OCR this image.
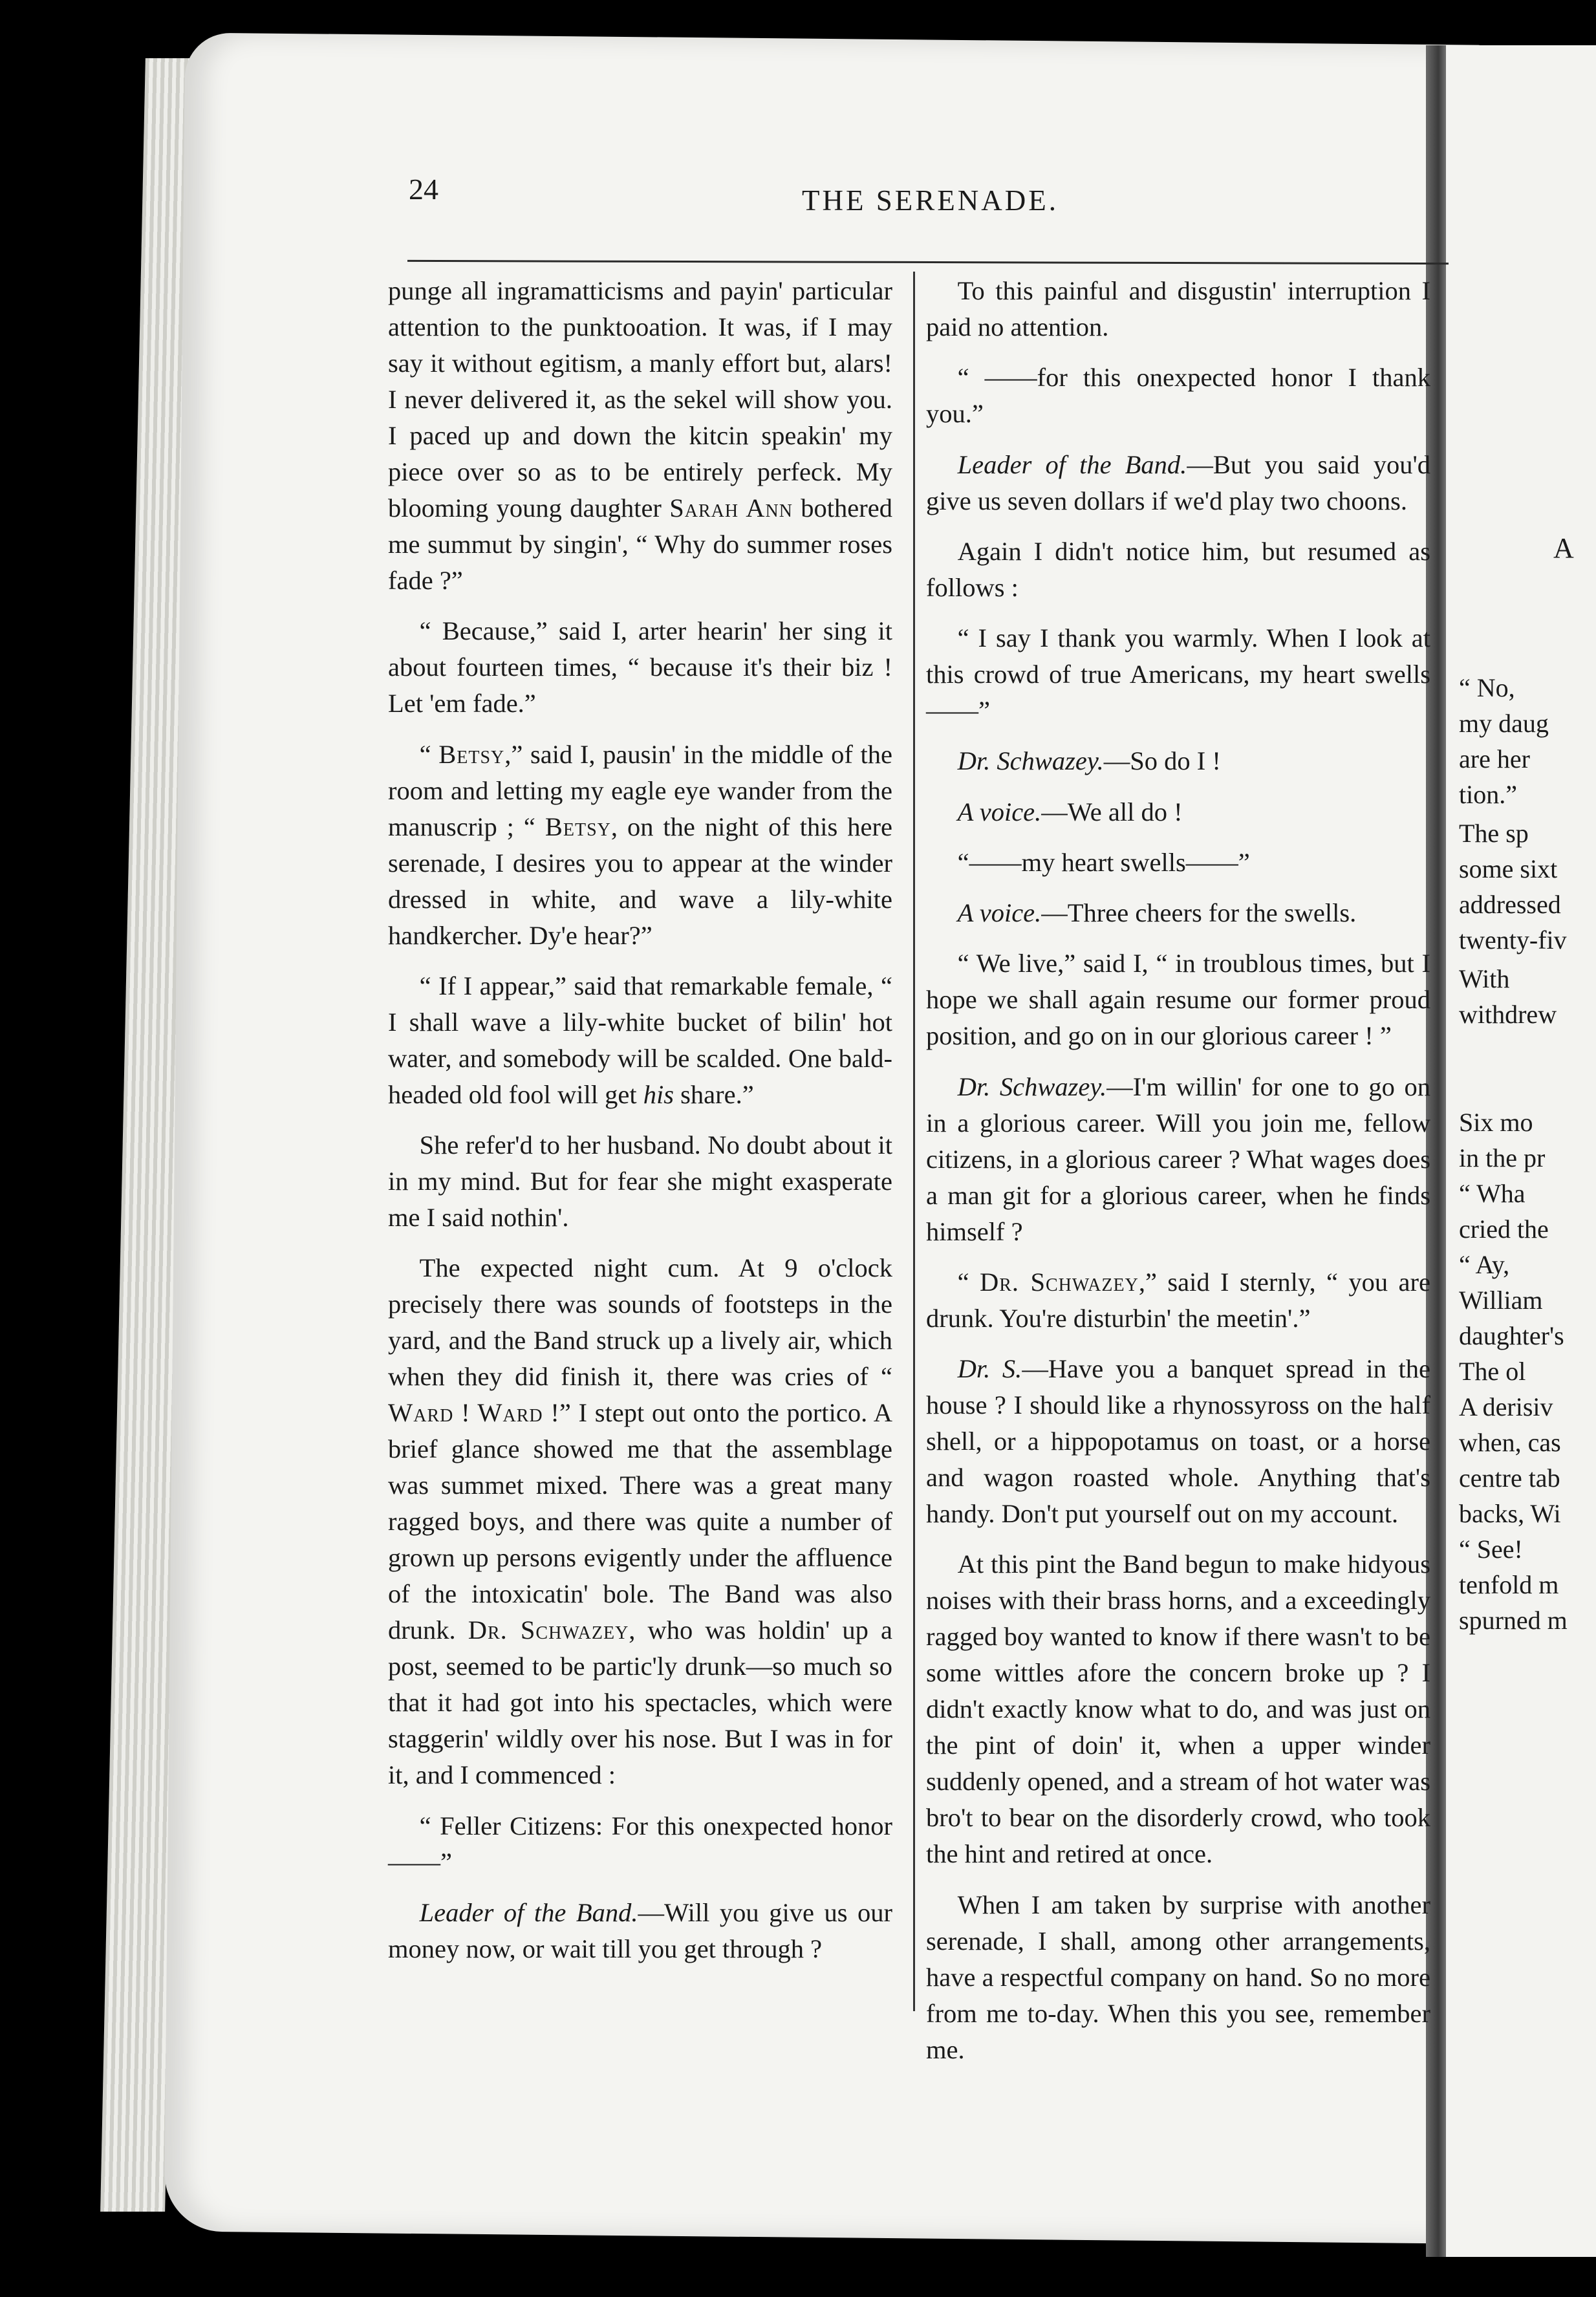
A
“ No,
my daug
are her
tion.”
The sp
some sixt
addressed
twenty-fiv
With
withdrew
Six mo
in the pr
“ Wha
cried the
“ Ay,
William
daughter's
The ol
A derisiv
when, cas
centre tab
backs, Wi
“ See!
tenfold m
spurned m
24	THE SERENADE.

punge all ingramatticisms and payin' particular attention to the punktooation. It was, if I may say it without egitism, a manly effort but, alars! I never delivered it, as the sekel will show you. I paced up and down the kitcin speakin' my piece over so as to be entirely perfeck. My blooming young daughter Sarah Ann bothered me summut by singin', “ Why do summer roses fade ?”

“ Because,” said I, arter hearin' her sing it about fourteen times, “ because it's their biz ! Let 'em fade.”

“ Betsy,” said I, pausin' in the middle of the room and letting my eagle eye wander from the manuscrip ; “ Betsy, on the night of this here serenade, I desires you to appear at the winder dressed in white, and wave a lily-white handkercher. Dy'e hear?”

“ If I appear,” said that remarkable female, “ I shall wave a lily-white bucket of bilin' hot water, and somebody will be scalded. One bald-headed old fool will get his share.”

She refer'd to her husband. No doubt about it in my mind. But for fear she might exasperate me I said nothin'.

The expected night cum. At 9 o'clock precisely there was sounds of footsteps in the yard, and the Band struck up a lively air, which when they did finish it, there was cries of “ Ward ! Ward !” I stept out onto the portico. A brief glance showed me that the assemblage was summet mixed. There was a great many ragged boys, and there was quite a number of grown up persons evigently under the affluence of the intoxicatin' bole. The Band was also drunk. Dr. Schwazey, who was holdin' up a post, seemed to be partic'ly drunk—so much so that it had got into his spectacles, which were staggerin' wildly over his nose. But I was in for it, and I commenced :

“ Feller Citizens: For this onexpected honor——”

Leader of the Band.—Will you give us our money now, or wait till you get through ?

To this painful and disgustin' interruption I paid no attention.

“ ——for this onexpected honor I thank you.”

Leader of the Band.—But you said you'd give us seven dollars if we'd play two choons.

Again I didn't notice him, but resumed as follows :

“ I say I thank you warmly. When I look at this crowd of true Americans, my heart swells——”

Dr. Schwazey.—So do I !

A voice.—We all do !

“——my heart swells——”

A voice.—Three cheers for the swells.

“ We live,” said I, “ in troublous times, but I hope we shall again resume our former proud position, and go on in our glorious career ! ”

Dr. Schwazey.—I'm willin' for one to go on in a glorious career. Will you join me, fellow citizens, in a glorious career ? What wages does a man git for a glorious career, when he finds himself ?

“ Dr. Schwazey,” said I sternly, “ you are drunk. You're disturbin' the meetin'.”

Dr. S.—Have you a banquet spread in the house ? I should like a rhynossyross on the half shell, or a hippopotamus on toast, or a horse and wagon roasted whole. Anything that's handy. Don't put yourself out on my account.

At this pint the Band begun to make hidyous noises with their brass horns, and a exceedingly ragged boy wanted to know if there wasn't to be some wittles afore the concern broke up ? I didn't exactly know what to do, and was just on the pint of doin' it, when a upper winder suddenly opened, and a stream of hot water was bro't to bear on the disorderly crowd, who took the hint and retired at once.

When I am taken by surprise with another serenade, I shall, among other arrangements, have a respectful company on hand. So no more from me to-day. When this you see, remember me.
